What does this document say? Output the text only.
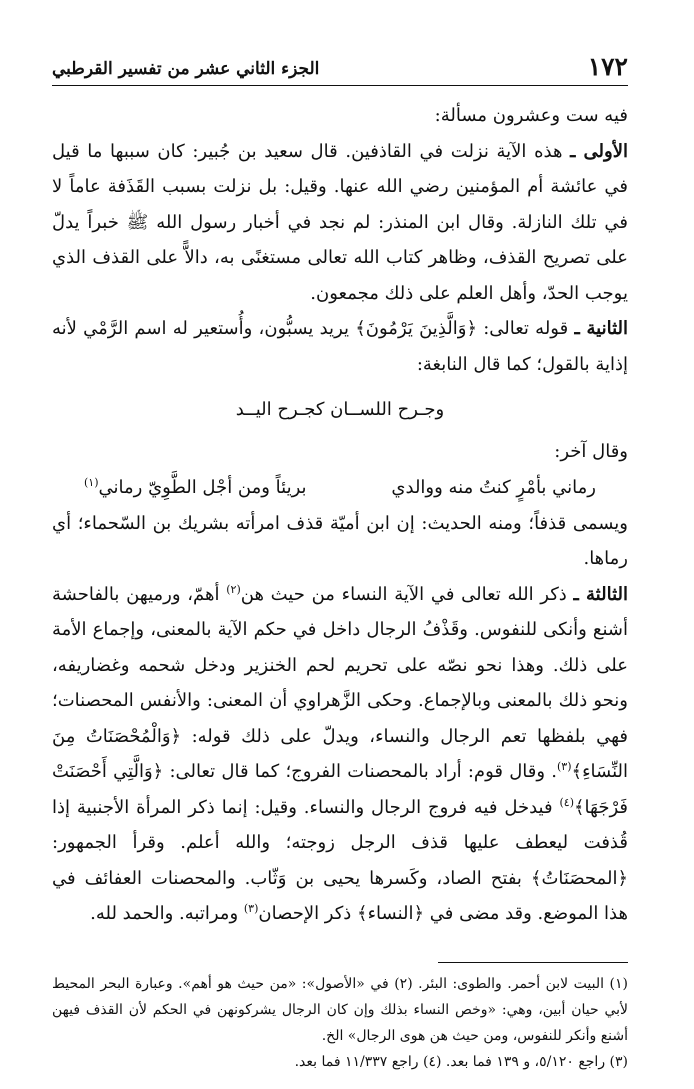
١٧٢
الجزء الثاني عشر من تفسير القرطبي

فيه ست وعشرون مسألة:

الأولى ـ هذه الآية نزلت في القاذفين. قال سعيد بن جُبير: كان سببها ما قيل في عائشة أم المؤمنين رضي الله عنها. وقيل: بل نزلت بسبب القَذَفة عاماً لا في تلك النازلة. وقال ابن المنذر: لم نجد في أخبار رسول الله ﷺ خبراً يدلّ على تصريح القذف، وظاهر كتاب الله تعالى مستغنًى به، دالاًّ على القذف الذي يوجب الحدّ، وأهل العلم على ذلك مجمعون.

الثانية ـ قوله تعالى: ﴿وَالَّذِينَ يَرْمُونَ﴾ يريد يسبُّون، وأُستعير له اسم الرَّمْي لأنه إذاية بالقول؛ كما قال النابغة:

وجـرح اللســان كجـرح اليــد

وقال آخر:

رماني بأمْرٍ كنتُ منه ووالدي
بريئاً ومن أجْل الطَّوِيّ رماني$^{(١)}$

ويسمى قذفاً؛ ومنه الحديث: إن ابن أميّة قذف امرأته بشريك بن السّحماء؛ أي رماها.

الثالثة ـ ذكر الله تعالى في الآية النساء من حيث هن$^{(٢)}$ أهمّ، ورميهن بالفاحشة أشنع وأنكى للنفوس. وقَذْفُ الرجال داخل في حكم الآية بالمعنى، وإجماع الأمة على ذلك. وهذا نحو نصّه على تحريم لحم الخنزير ودخل شحمه وغضاريفه، ونحو ذلك بالمعنى وبالإجماع. وحكى الزَّهراوي أن المعنى: والأنفس المحصنات؛ فهي بلفظها تعم الرجال والنساء، ويدلّ على ذلك قوله: ﴿وَالْمُحْصَنَاتُ مِنَ النِّسَاءِ﴾$^{(٣)}$. وقال قوم: أراد بالمحصنات الفروج؛ كما قال تعالى: ﴿وَالَّتِي أَحْصَنَتْ فَرْجَهَا﴾$^{(٤)}$ فيدخل فيه فروج الرجال والنساء. وقيل: إنما ذكر المرأة الأجنبية إذا قُذفت ليعطف عليها قذف الرجل زوجته؛ والله أعلم. وقرأ الجمهور: ﴿المحصَنَاتُ﴾ بفتح الصاد، وكَسرها يحيى بن وَثّاب. والمحصنات العفائف في هذا الموضع. وقد مضى في ﴿النساء﴾ ذكر الإحصان$^{(٣)}$ ومراتبه. والحمد لله.

(١) البيت لابن أحمر. والطوى: البئر. (٢) في «الأصول»: «من حيث هو أهم». وعبارة البحر المحيط لأبي حيان أبين، وهي: «وخص النساء بذلك وإن كان الرجال يشركونهن في الحكم لأن القذف فيهن أشنع وأنكر للنفوس، ومن حيث هن هوى الرجال» الخ.

(٣) راجع ٥/١٢٠، و ١٣٩ فما بعد. (٤) راجع ١١/٣٣٧ فما بعد.
